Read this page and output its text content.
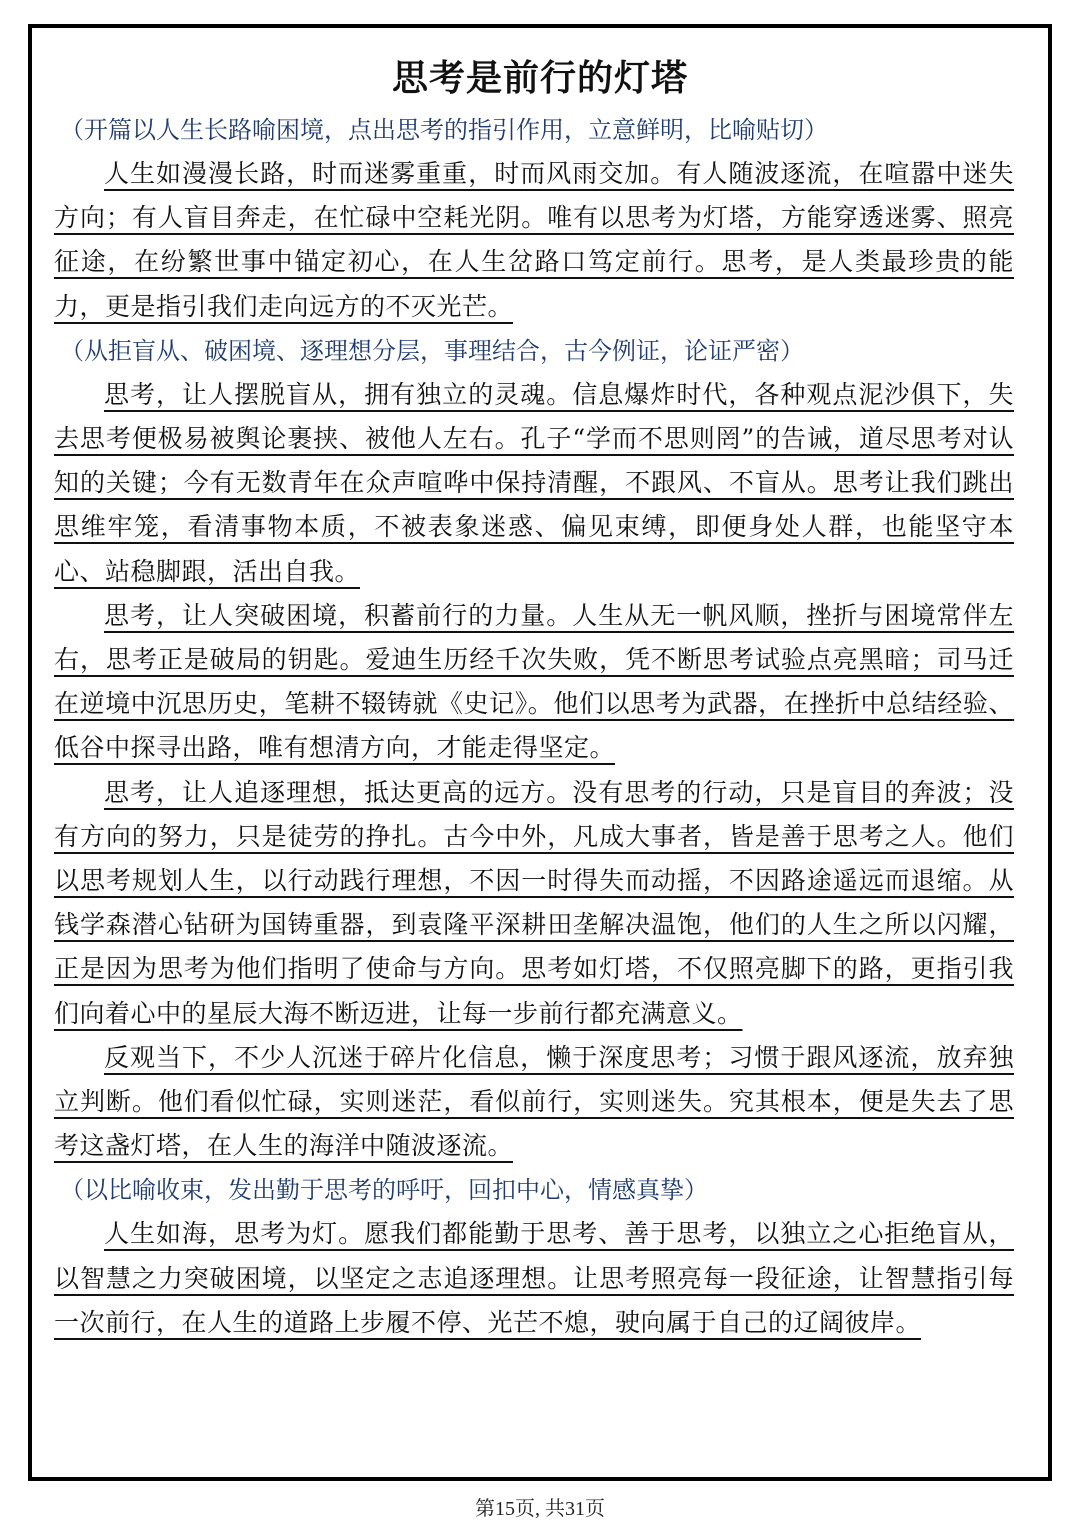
思考是前行的灯塔

（开篇以人生长路喻困境，点出思考的指引作用，立意鲜明，比喻贴切）

人生如漫漫长路，时而迷雾重重，时而风雨交加。有人随波逐流，在喧嚣中迷失方向；有人盲目奔走，在忙碌中空耗光阴。唯有以思考为灯塔，方能穿透迷雾、照亮征途，在纷繁世事中锚定初心，在人生岔路口笃定前行。思考，是人类最珍贵的能力，更是指引我们走向远方的不灭光芒。

（从拒盲从、破困境、逐理想分层，事理结合，古今例证，论证严密）

思考，让人摆脱盲从，拥有独立的灵魂。信息爆炸时代，各种观点泥沙俱下，失去思考便极易被舆论裹挟、被他人左右。孔子“学而不思则罔”的告诫，道尽思考对认知的关键；今有无数青年在众声喧哗中保持清醒，不跟风、不盲从。思考让我们跳出思维牢笼，看清事物本质，不被表象迷惑、偏见束缚，即便身处人群，也能坚守本心、站稳脚跟，活出自我。

思考，让人突破困境，积蓄前行的力量。人生从无一帆风顺，挫折与困境常伴左右，思考正是破局的钥匙。爱迪生历经千次失败，凭不断思考试验点亮黑暗；司马迁在逆境中沉思历史，笔耕不辍铸就《史记》。他们以思考为武器，在挫折中总结经验、低谷中探寻出路，唯有想清方向，才能走得坚定。

思考，让人追逐理想，抵达更高的远方。没有思考的行动，只是盲目的奔波；没有方向的努力，只是徒劳的挣扎。古今中外，凡成大事者，皆是善于思考之人。他们以思考规划人生，以行动践行理想，不因一时得失而动摇，不因路途遥远而退缩。从钱学森潜心钻研为国铸重器，到袁隆平深耕田垄解决温饱，他们的人生之所以闪耀，正是因为思考为他们指明了使命与方向。思考如灯塔，不仅照亮脚下的路，更指引我们向着心中的星辰大海不断迈进，让每一步前行都充满意义。

反观当下，不少人沉迷于碎片化信息，懒于深度思考；习惯于跟风逐流，放弃独立判断。他们看似忙碌，实则迷茫，看似前行，实则迷失。究其根本，便是失去了思考这盏灯塔，在人生的海洋中随波逐流。

（以比喻收束，发出勤于思考的呼吁，回扣中心，情感真挚）

人生如海，思考为灯。愿我们都能勤于思考、善于思考，以独立之心拒绝盲从，以智慧之力突破困境，以坚定之志追逐理想。让思考照亮每一段征途，让智慧指引每一次前行，在人生的道路上步履不停、光芒不熄，驶向属于自己的辽阔彼岸。

第15页, 共31页
